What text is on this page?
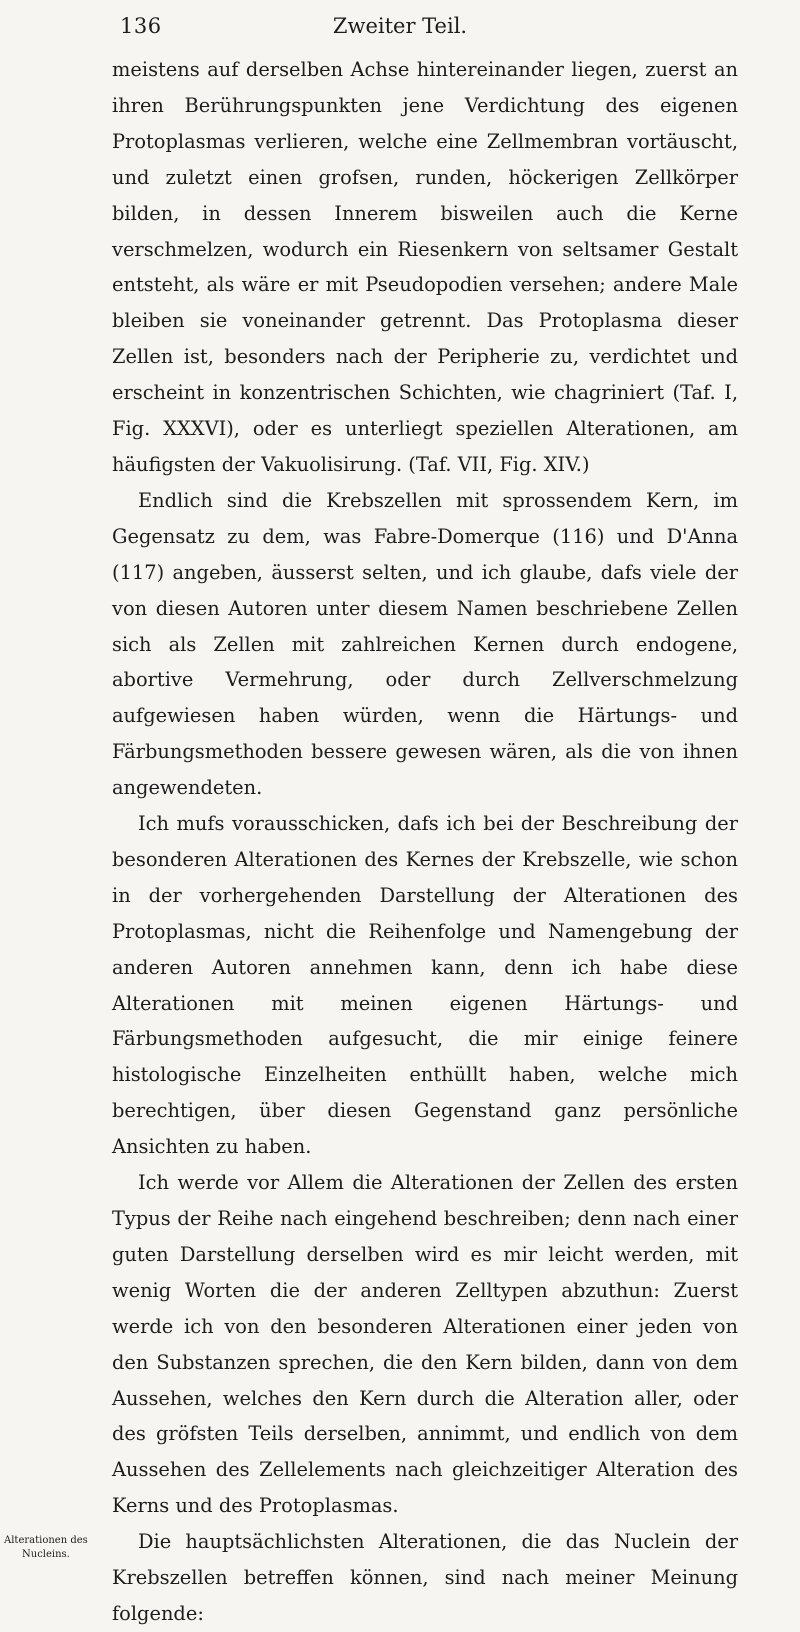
136	Zweiter Teil.

meistens auf derselben Achse hintereinander liegen, zuerst an ihren Berührungspunkten jene Verdichtung des eigenen Protoplasmas verlieren, welche eine Zellmembran vortäuscht, und zuletzt einen grofsen, runden, höckerigen Zellkörper bilden, in dessen Innerem bisweilen auch die Kerne verschmelzen, wodurch ein Riesenkern von seltsamer Gestalt entsteht, als wäre er mit Pseudopodien versehen; andere Male bleiben sie voneinander getrennt. Das Protoplasma dieser Zellen ist, besonders nach der Peripherie zu, verdichtet und erscheint in konzentrischen Schichten, wie chagriniert (Taf. I, Fig. XXXVI), oder es unterliegt speziellen Alterationen, am häufigsten der Vakuolisirung. (Taf. VII, Fig. XIV.)

Endlich sind die Krebszellen mit sprossendem Kern, im Gegensatz zu dem, was Fabre-Domerque (116) und D'Anna (117) angeben, äusserst selten, und ich glaube, dafs viele der von diesen Autoren unter diesem Namen beschriebene Zellen sich als Zellen mit zahlreichen Kernen durch endogene, abortive Vermehrung, oder durch Zellverschmelzung aufgewiesen haben würden, wenn die Härtungs- und Färbungsmethoden bessere gewesen wären, als die von ihnen angewendeten.

Ich mufs vorausschicken, dafs ich bei der Beschreibung der besonderen Alterationen des Kernes der Krebszelle, wie schon in der vorhergehenden Darstellung der Alterationen des Protoplasmas, nicht die Reihenfolge und Namengebung der anderen Autoren annehmen kann, denn ich habe diese Alterationen mit meinen eigenen Härtungs- und Färbungsmethoden aufgesucht, die mir einige feinere histologische Einzelheiten enthüllt haben, welche mich berechtigen, über diesen Gegenstand ganz persönliche Ansichten zu haben.

Ich werde vor Allem die Alterationen der Zellen des ersten Typus der Reihe nach eingehend beschreiben; denn nach einer guten Darstellung derselben wird es mir leicht werden, mit wenig Worten die der anderen Zelltypen abzuthun: Zuerst werde ich von den besonderen Alterationen einer jeden von den Substanzen sprechen, die den Kern bilden, dann von dem Aussehen, welches den Kern durch die Alteration aller, oder des gröfsten Teils derselben, annimmt, und endlich von dem Aussehen des Zellelements nach gleichzeitiger Alteration des Kerns und des Protoplasmas.

Die hauptsächlichsten Alterationen, die das Nuclein der Krebszellen betreffen können, sind nach meiner Meinung folgende:

Alterationen des
Nucleins.
